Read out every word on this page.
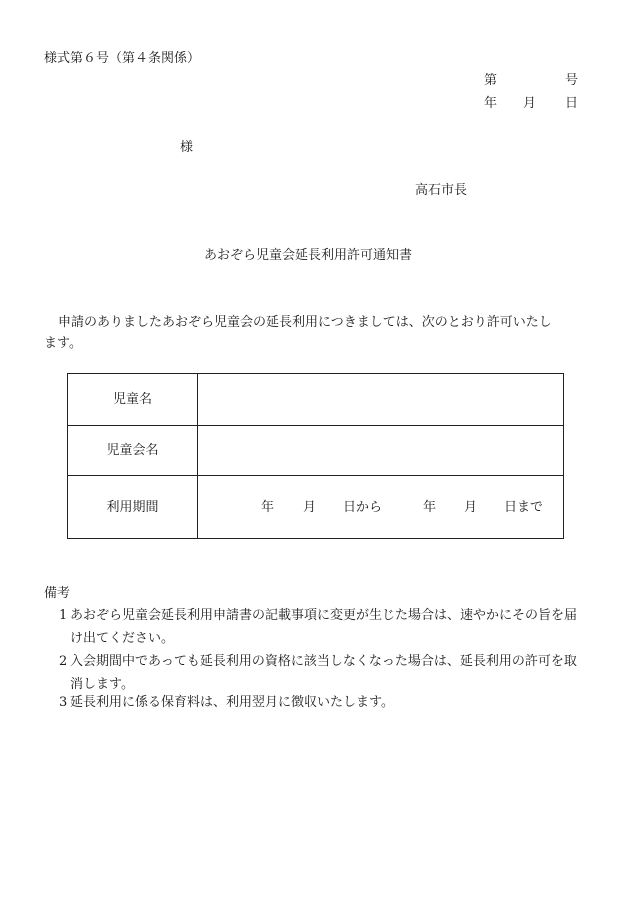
様式第６号（第４条関係）
第	号
年 月 日
様
高石市長
あおぞら児童会延長利用許可通知書
申請のありましたあおぞら児童会の延長利用につきましては、次のとおり許可いたし
ます。
児童名
児童会名
利用期間	年 月 日から	年 月 日まで
備考
1 あおぞら児童会延長利用申請書の記載事項に変更が生じた場合は、速やかにその旨を届け出てください。
2 入会期間中であっても延長利用の資格に該当しなくなった場合は、延長利用の許可を取消します。
3 延長利用に係る保育料は、利用翌月に徴収いたします。
